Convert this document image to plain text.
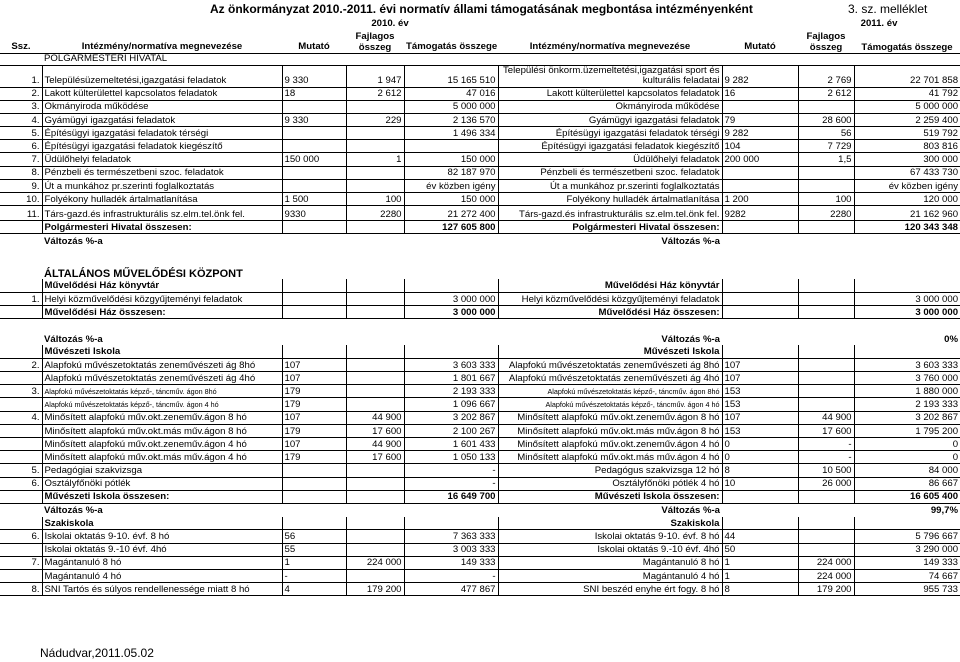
Az önkormányzat 2010.-2011. évi normatív állami támogatásának megbontása intézményenként	3. sz. melléklet
		2010. év					2011. év	
Ssz.	Intézmény/normatíva megnevezése	Mutató	Fajlagos összeg	Támogatás összege	Intézmény/normatíva megnevezése	Mutató	Fajlagos összeg	Támogatás összege
	POLGÁRMESTERI HIVATAL							
1.	Településüzemeltetési,igazgatási feladatok	9 330	1 947	15 165 510	Települési önkorm.üzemeltetési,igazgatási sport és kulturális feladatai	9 282	2 769	22 701 858
2.	Lakott külterülettel kapcsolatos feladatok	18	2 612	47 016	Lakott külterülettel kapcsolatos feladatok	16	2 612	41 792
3.	Okmányiroda működése			5 000 000	Okmányiroda működése			5 000 000
4.	Gyámügyi igazgatási feladatok	9 330	229	2 136 570	Gyámügyi igazgatási feladatok	79	28 600	2 259 400
5.	Építésügyi igazgatási feladatok térségi			1 496 334	Építésügyi igazgatási feladatok térségi	9 282	56	519 792
6.	Építésügyi igazgatási feladatok kiegészítő				Építésügyi igazgatási feladatok kiegészítő	104	7 729	803 816
7.	Üdülőhelyi feladatok	150 000	1	150 000	Üdülőhelyi feladatok	200 000	1,5	300 000
8.	Pénzbeli és természetbeni szoc. feladatok			82 187 970	Pénzbeli és természetbeni szoc. feladatok			67 433 730
9.	Út a munkához pr.szerinti foglalkoztatás			év közben igény	Út a munkához pr.szerinti foglalkoztatás			év közben igény
10.	Folyékony hulladék ártalmatlanítása	1 500	100	150 000	Folyékony hulladék ártalmatlanítása	1 200	100	120 000
11.	Társ-gazd.és infrastrukturális sz.elm.tel.önk fel.	9330	2280	21 272 400	Társ-gazd.és infrastrukturális sz.elm.tel.önk fel.	9282	2280	21 162 960
	Polgármesteri Hivatal összesen:			127 605 800	Polgármesteri Hivatal összesen:			120 343 348
	Változás %-a				Változás %-a			

	ÁLTALÁNOS MŰVELŐDÉSI KÖZPONT							
	Művelődési Ház könyvtár				Művelődési Ház könyvtár			
1.	Helyi közművelődési közgyűjteményi feladatok			3 000 000	Helyi közművelődési közgyűjteményi feladatok			3 000 000
	Művelődési Ház összesen:			3 000 000	Művelődési Ház összesen:			3 000 000

	Változás %-a				Változás %-a			0%
	Művészeti Iskola				Művészeti Iskola			
2.	Alapfokú művészetoktatás zeneművészeti ág 8hó	107		3 603 333	Alapfokú művészetoktatás zeneművészeti ág 8hó	107		3 603 333
	Alapfokú művészetoktatás zeneművészeti ág 4hó	107		1 801 667	Alapfokú művészetoktatás zeneművészeti ág 4hó	107		3 760 000
3.	Alapfokú művészetoktatás képző-, táncműv. ágon 8hó	179		2 193 333	Alapfokú művészetoktatás képző-, táncműv. ágon 8hó	153		1 880 000
	Alapfokú művészetoktatás képző-, táncműv. ágon 4 hó	179		1 096 667	Alapfokú művészetoktatás képző-, táncműv. ágon 4 hó	153		2 193 333
4.	Minősített alapfokú műv.okt.zeneműv.ágon 8 hó	107	44 900	3 202 867	Minősített alapfokú műv.okt.zeneműv.ágon 8 hó	107	44 900	3 202 867
	Minősített alapfokú műv.okt.más műv.ágon 8 hó	179	17 600	2 100 267	Minősített alapfokú műv.okt.más műv.ágon 8 hó	153	17 600	1 795 200
	Minősített alapfokú műv.okt.zeneműv.ágon 4 hó	107	44 900	1 601 433	Minősített alapfokú műv.okt.zeneműv.ágon 4 hó	0	-	0
	Minősített alapfokú műv.okt.más műv.ágon 4 hó	179	17 600	1 050 133	Minősített alapfokú műv.okt.más műv.ágon 4 hó	0	-	0
5.	Pedagógiai szakvizsga			-	Pedagógus szakvizsga 12 hó	8	10 500	84 000
6.	Osztályfőnöki pótlék			-	Osztályfőnöki pótlék 4 hó	10	26 000	86 667
	Művészeti Iskola összesen:			16 649 700	Művészeti Iskola összesen:			16 605 400
	Változás %-a				Változás %-a			99,7%
	Szakiskola				Szakiskola			
6.	Iskolai oktatás 9-10. évf. 8 hó	56		7 363 333	Iskolai oktatás 9-10. évf. 8 hó	44		5 796 667
	Iskolai oktatás 9.-10 évf. 4hó	55		3 003 333	Iskolai oktatás 9.-10 évf. 4hó	50		3 290 000
7.	Magántanuló 8 hó	1	224 000	149 333	Magántanuló 8 hó	1	224 000	149 333
	Magántanuló 4 hó	-		-	Magántanuló 4 hó	1	224 000	74 667
8.	SNI Tartós és súlyos rendellenessége miatt 8 hó	4	179 200	477 867	SNI beszéd enyhe ért fogy. 8 hó	8	179 200	955 733
Nádudvar,2011.05.02
